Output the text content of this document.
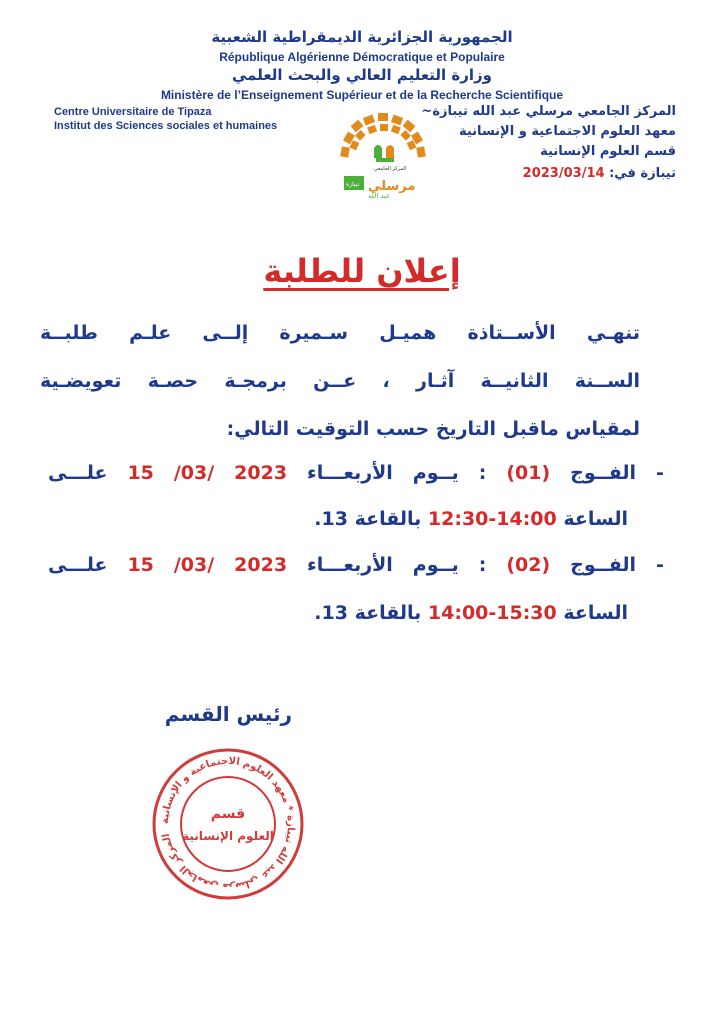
الجمهورية الجزائرية الديمقراطية الشعبية
République Algérienne Démocratique et Populaire
وزارة التعليم العالي والبحث العلمي
Ministère de l’Enseignement Supérieur et de la Recherche Scientifique
Centre Universitaire de Tipaza
Institut des Sciences sociales et humaines
المركز الجامعي مرسلي عبد الله تيبازة~
معهد العلوم الاجتماعية و الإنسانية
قسم العلوم الإنسانية
تيبازة في: 2023/03/14
المركز الجامعي
تيبازة مرسلي
عبد الله
إعلان للطلبة
تنهـي الأســتاذة هميـل سـميرة إلــى علـم طلبــة
الســنة الثانيــة آثـار ، عــن برمجـة حصـة تعويضـية
لمقياس ماقبل التاريخ حسب التوقيت التالي:
- الفــوج (01) : يــوم الأربعـــاء 15 /03/ 2023 علـــى
الساعة 12:30-14:00 بالقاعة 13.
- الفــوج (02) : يــوم الأربعـــاء 15 /03/ 2023 علـــى
الساعة 14:00-15:30 بالقاعة 13.
رئيس القسم
المركز الجامعي مرسلي عبد الله تيبازة * معهد العلوم الاجتماعية و الإنسانية
قسم
العلوم الإنسانية
